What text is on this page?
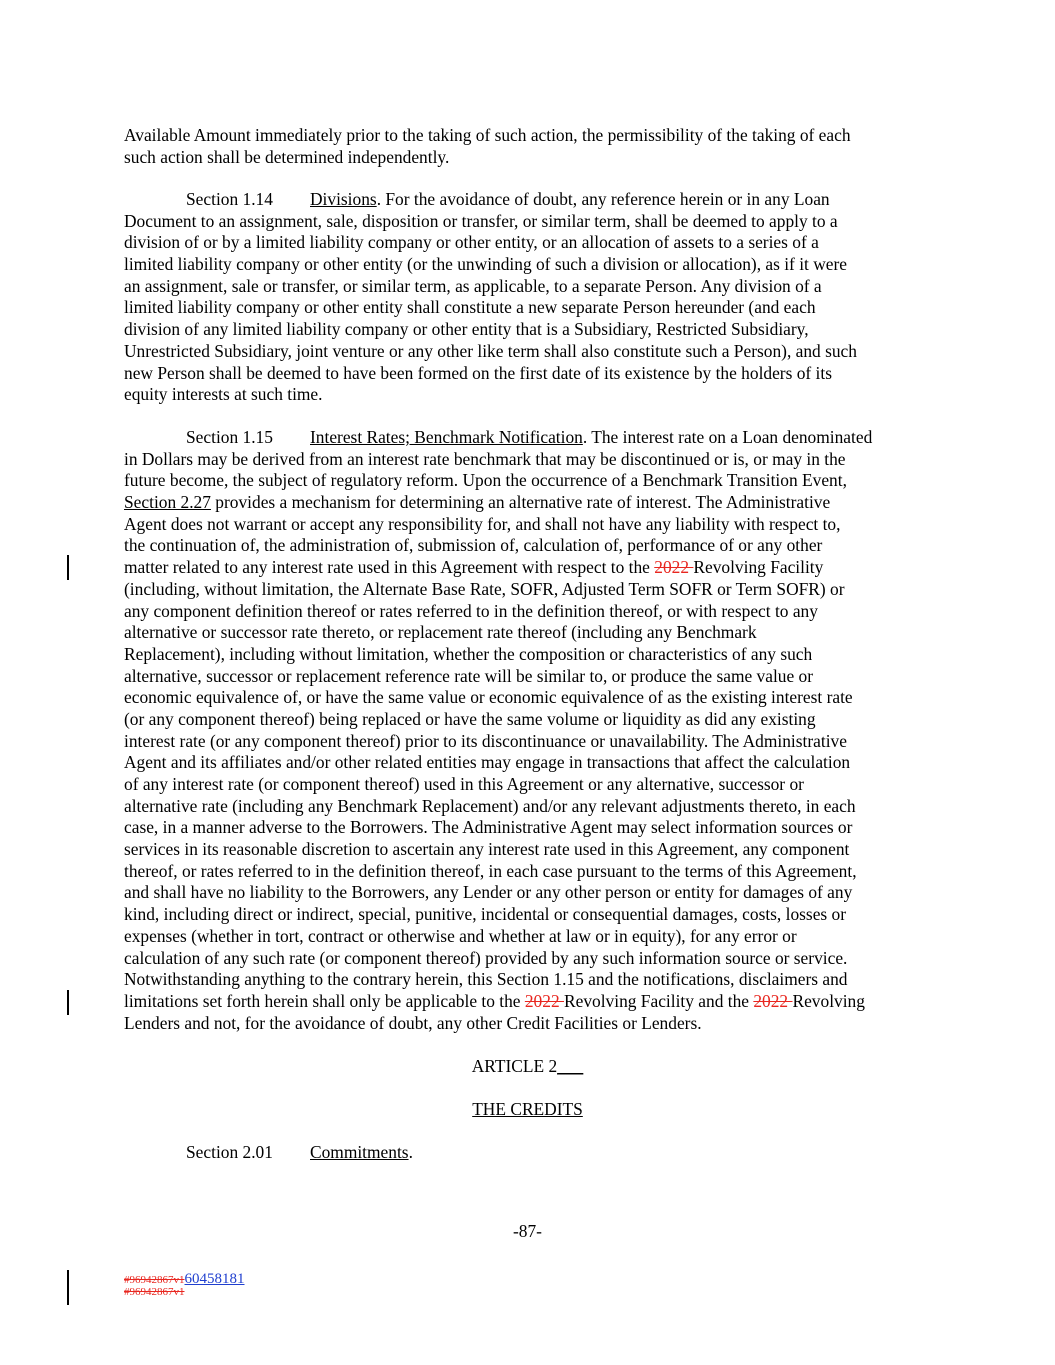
Available Amount immediately prior to the taking of such action, the permissibility of the taking of each
such action shall be determined independently.
Section 1.14 Divisions. For the avoidance of doubt, any reference herein or in any Loan
Document to an assignment, sale, disposition or transfer, or similar term, shall be deemed to apply to a
division of or by a limited liability company or other entity, or an allocation of assets to a series of a
limited liability company or other entity (or the unwinding of such a division or allocation), as if it were
an assignment, sale or transfer, or similar term, as applicable, to a separate Person. Any division of a
limited liability company or other entity shall constitute a new separate Person hereunder (and each
division of any limited liability company or other entity that is a Subsidiary, Restricted Subsidiary,
Unrestricted Subsidiary, joint venture or any other like term shall also constitute such a Person), and such
new Person shall be deemed to have been formed on the first date of its existence by the holders of its
equity interests at such time.
Section 1.15 Interest Rates; Benchmark Notification. The interest rate on a Loan denominated
in Dollars may be derived from an interest rate benchmark that may be discontinued or is, or may in the
future become, the subject of regulatory reform. Upon the occurrence of a Benchmark Transition Event,
Section 2.27 provides a mechanism for determining an alternative rate of interest. The Administrative
Agent does not warrant or accept any responsibility for, and shall not have any liability with respect to,
the continuation of, the administration of, submission of, calculation of, performance of or any other
matter related to any interest rate used in this Agreement with respect to the 2022 Revolving Facility
(including, without limitation, the Alternate Base Rate, SOFR, Adjusted Term SOFR or Term SOFR) or
any component definition thereof or rates referred to in the definition thereof, or with respect to any
alternative or successor rate thereto, or replacement rate thereof (including any Benchmark
Replacement), including without limitation, whether the composition or characteristics of any such
alternative, successor or replacement reference rate will be similar to, or produce the same value or
economic equivalence of, or have the same value or economic equivalence of as the existing interest rate
(or any component thereof) being replaced or have the same volume or liquidity as did any existing
interest rate (or any component thereof) prior to its discontinuance or unavailability. The Administrative
Agent and its affiliates and/or other related entities may engage in transactions that affect the calculation
of any interest rate (or component thereof) used in this Agreement or any alternative, successor or
alternative rate (including any Benchmark Replacement) and/or any relevant adjustments thereto, in each
case, in a manner adverse to the Borrowers. The Administrative Agent may select information sources or
services in its reasonable discretion to ascertain any interest rate used in this Agreement, any component
thereof, or rates referred to in the definition thereof, in each case pursuant to the terms of this Agreement,
and shall have no liability to the Borrowers, any Lender or any other person or entity for damages of any
kind, including direct or indirect, special, punitive, incidental or consequential damages, costs, losses or
expenses (whether in tort, contract or otherwise and whether at law or in equity), for any error or
calculation of any such rate (or component thereof) provided by any such information source or service.
Notwithstanding anything to the contrary herein, this Section 1.15 and the notifications, disclaimers and
limitations set forth herein shall only be applicable to the 2022 Revolving Facility and the 2022 Revolving
Lenders and not, for the avoidance of doubt, any other Credit Facilities or Lenders.
ARTICLE 2___
THE CREDITS
Section 2.01 Commitments.
-87-
#96942867v160458181
#96942867v1
